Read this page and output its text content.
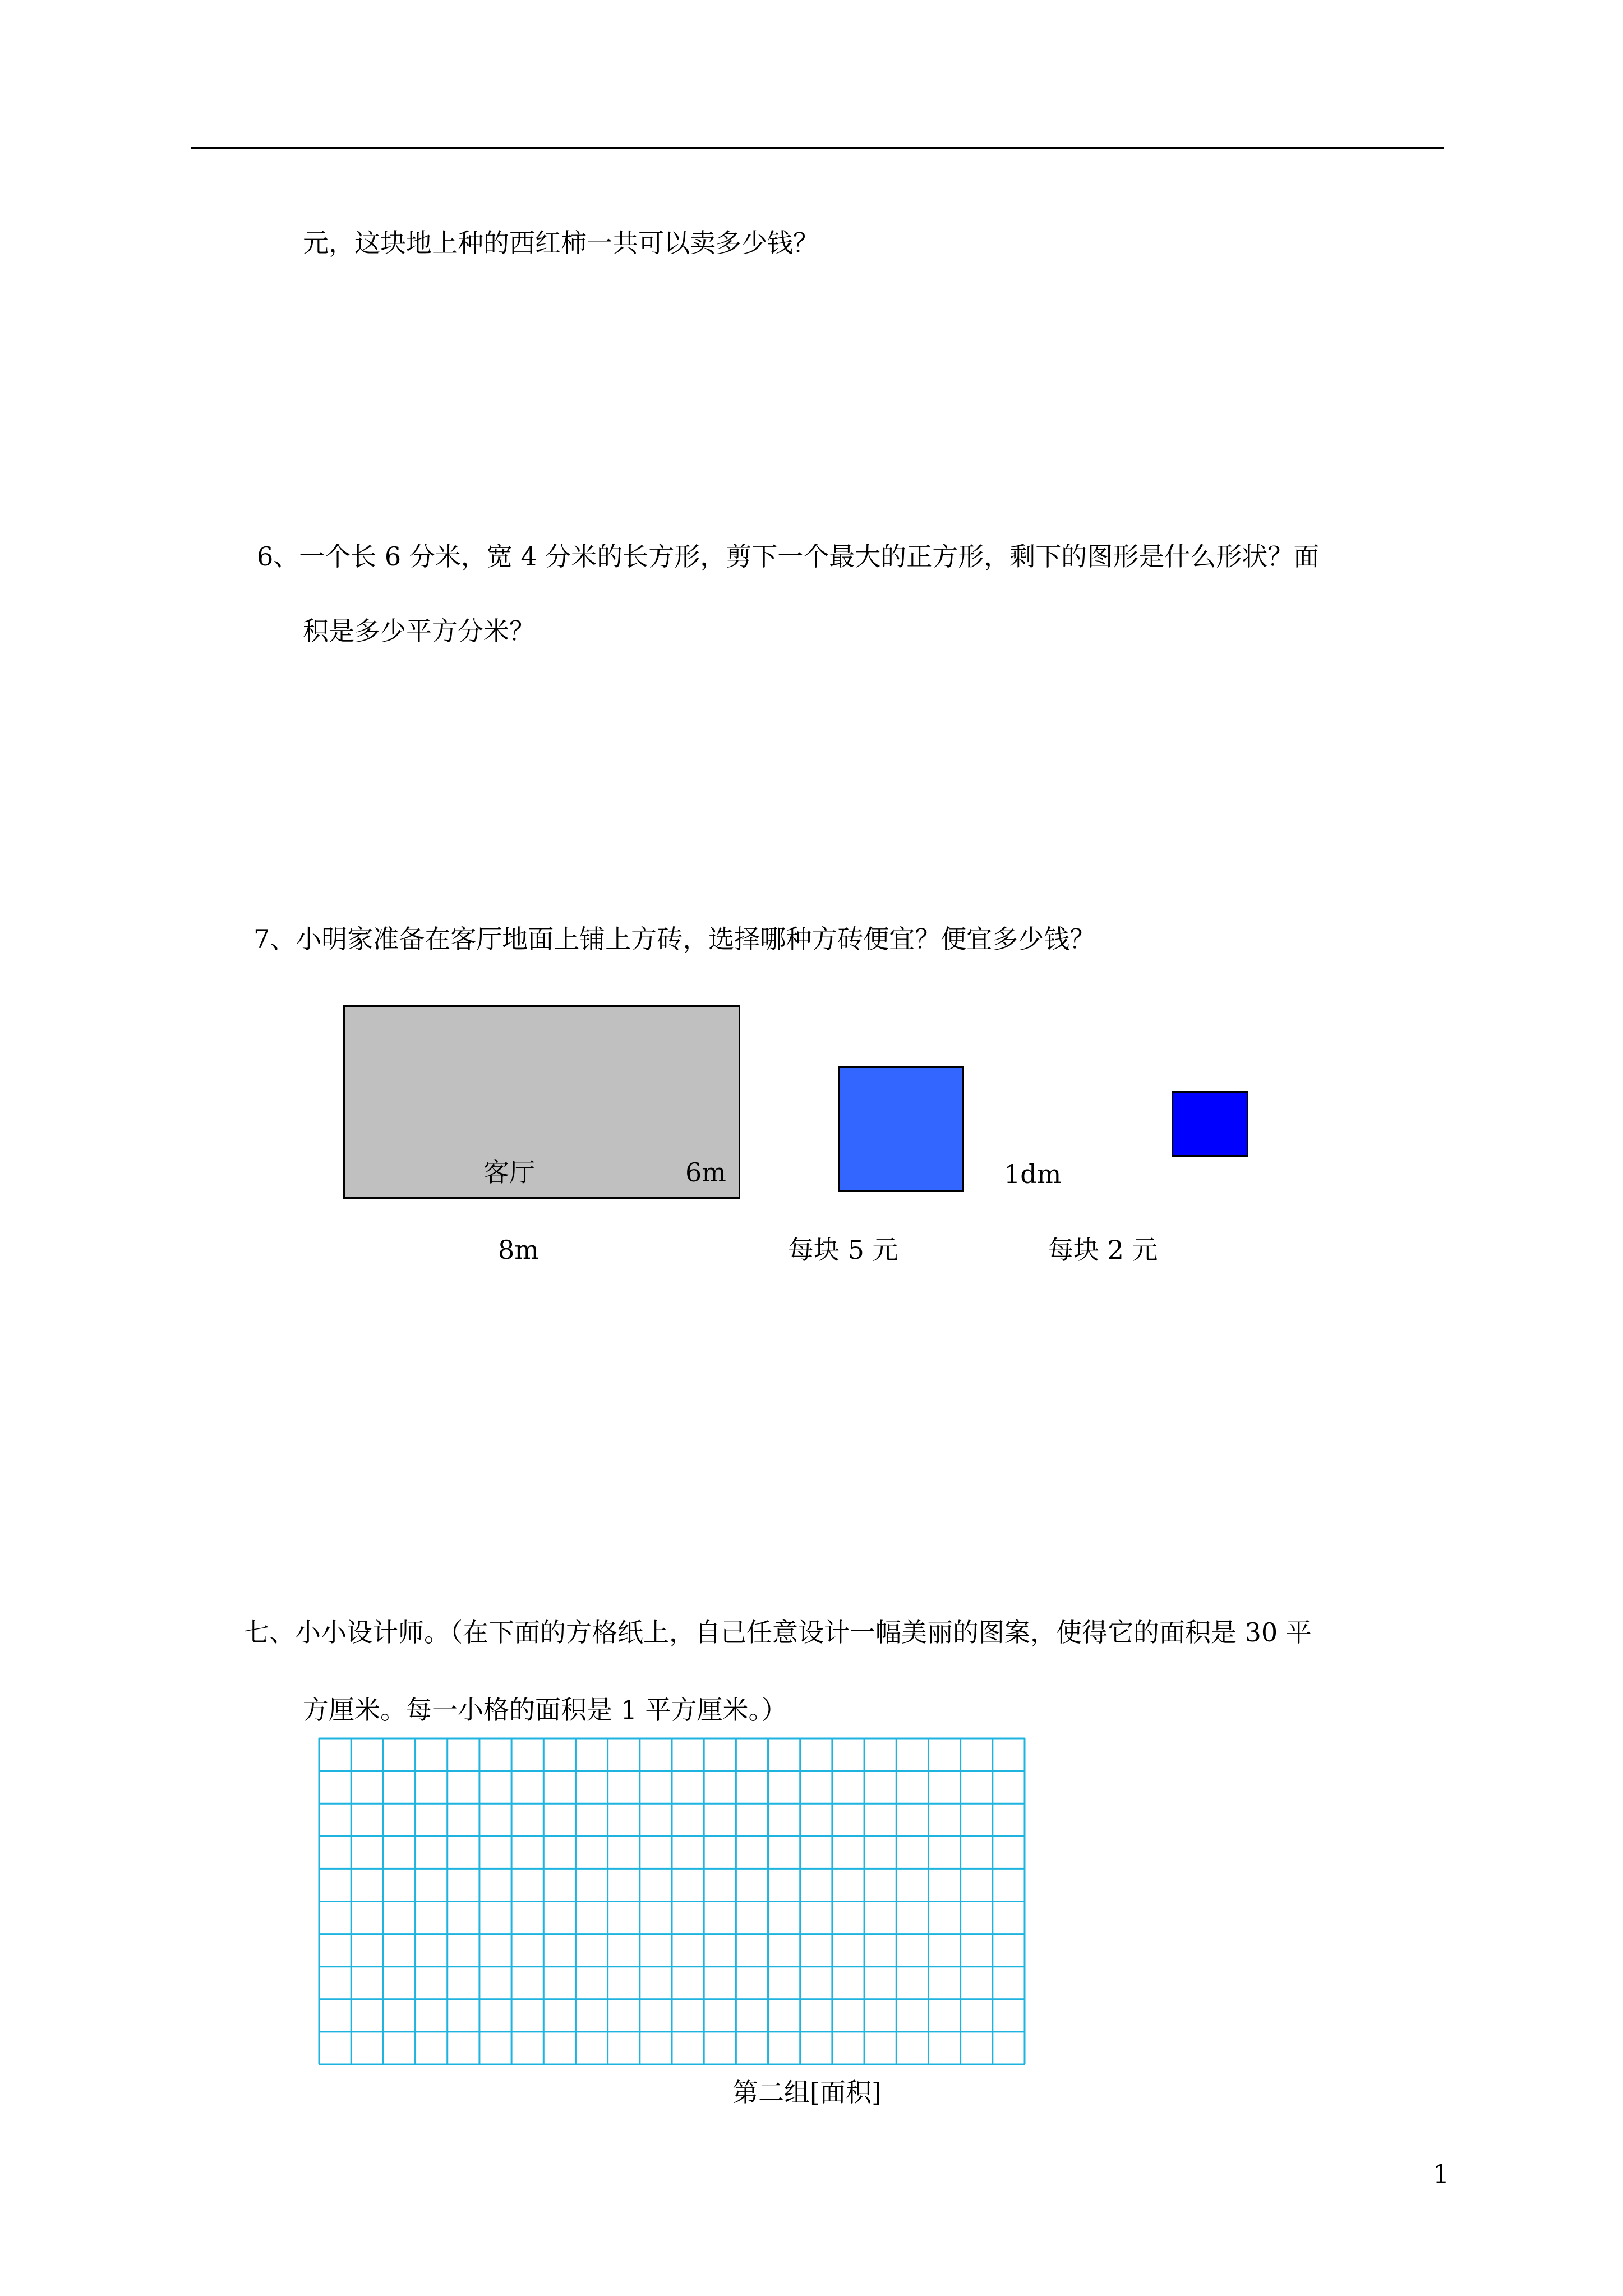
元，这块地上种的西红柿一共可以卖多少钱？
6、一个长 6 分米，宽 4 分米的长方形，剪下一个最大的正方形，剩下的图形是什么形状？面
积是多少平方分米？
7、小明家准备在客厅地面上铺上方砖，选择哪种方砖便宜？便宜多少钱？
客厅	6m
8m
1dm
每块 5 元	每块 2 元
七、小小设计师。（在下面的方格纸上，自己任意设计一幅美丽的图案，使得它的面积是 30 平
方厘米。每一小格的面积是 1 平方厘米。）
第二组[面积]
1
